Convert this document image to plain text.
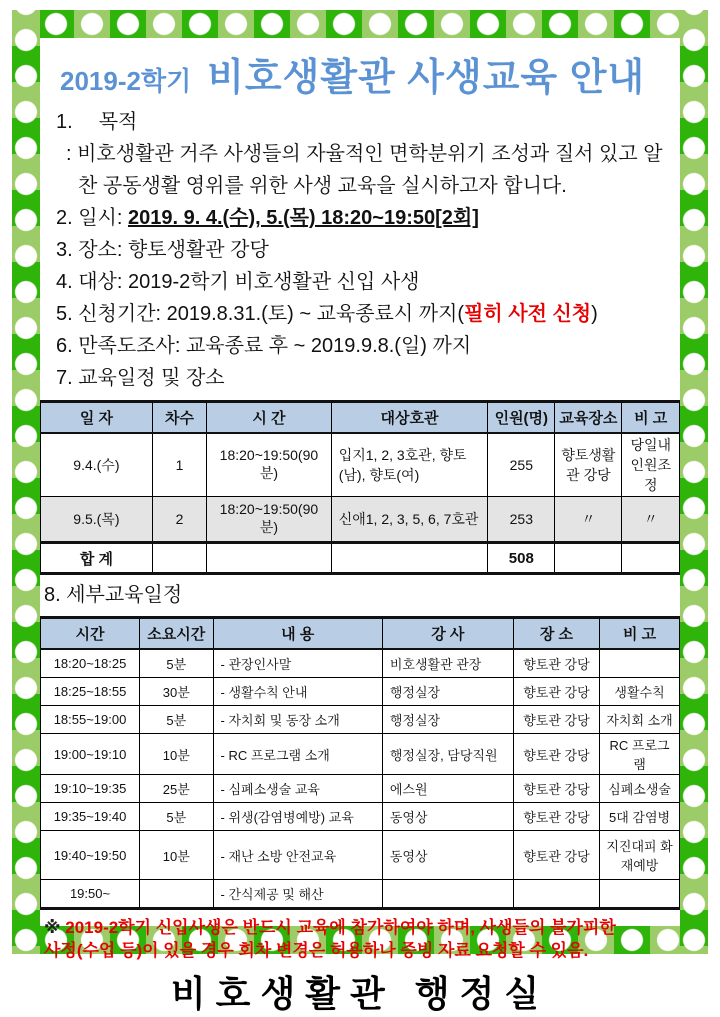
2019-2학기 비호생활관 사생교육 안내
1. 목적
: 비호생활관 거주 사생들의 자율적인 면학분위기 조성과 질서 있고 알
찬 공동생활 영위를 위한 사생 교육을 실시하고자 합니다.
2. 일시: 2019. 9. 4.(수), 5.(목) 18:20~19:50[2회]
3. 장소: 향토생활관 강당
4. 대상: 2019-2학기 비호생활관 신입 사생
5. 신청기간: 2019.8.31.(토) ~ 교육종료시 까지(필히 사전 신청)
6. 만족도조사: 교육종료 후 ~ 2019.9.8.(일) 까지
7. 교육일정 및 장소
일 자	차수	시 간	대상호관	인원(명)	교육장소	비 고
9.4.(수)	1	18:20~19:50(90분)	입지1, 2, 3호관, 향토(남), 향토(여)	255	향토생활관 강당	당일내 인원조정
9.5.(목)	2	18:20~19:50(90분)	신애1, 2, 3, 5, 6, 7호관	253	〃	〃
합 계				508		
8. 세부교육일정
시간	소요시간	내 용	강 사	장 소	비 고
18:20~18:25	5분	- 관장인사말	비호생활관 관장	향토관 강당	
18:25~18:55	30분	- 생활수칙 안내	행정실장	향토관 강당	생활수칙
18:55~19:00	5분	- 자치회 및 동장 소개	행정실장	향토관 강당	자치회 소개
19:00~19:10	10분	- RC 프로그램 소개	행정실장, 담당직원	향토관 강당	RC 프로그램
19:10~19:35	25분	- 심폐소생술 교육	에스원	향토관 강당	심폐소생술
19:35~19:40	5분	- 위생(감염병예방) 교육	동영상	향토관 강당	5대 감염병
19:40~19:50	10분	- 재난 소방 안전교육	동영상	향토관 강당	지진대피 화재예방
19:50~		- 간식제공 및 해산			
※ 2019-2학기 신입사생은 반드시 교육에 참가하여야 하며, 사생들의 불가피한
사정(수업 등)이 있을 경우 회차 변경은 허용하나 증빙 자료 요청할 수 있음.
비호생활관 행정실
